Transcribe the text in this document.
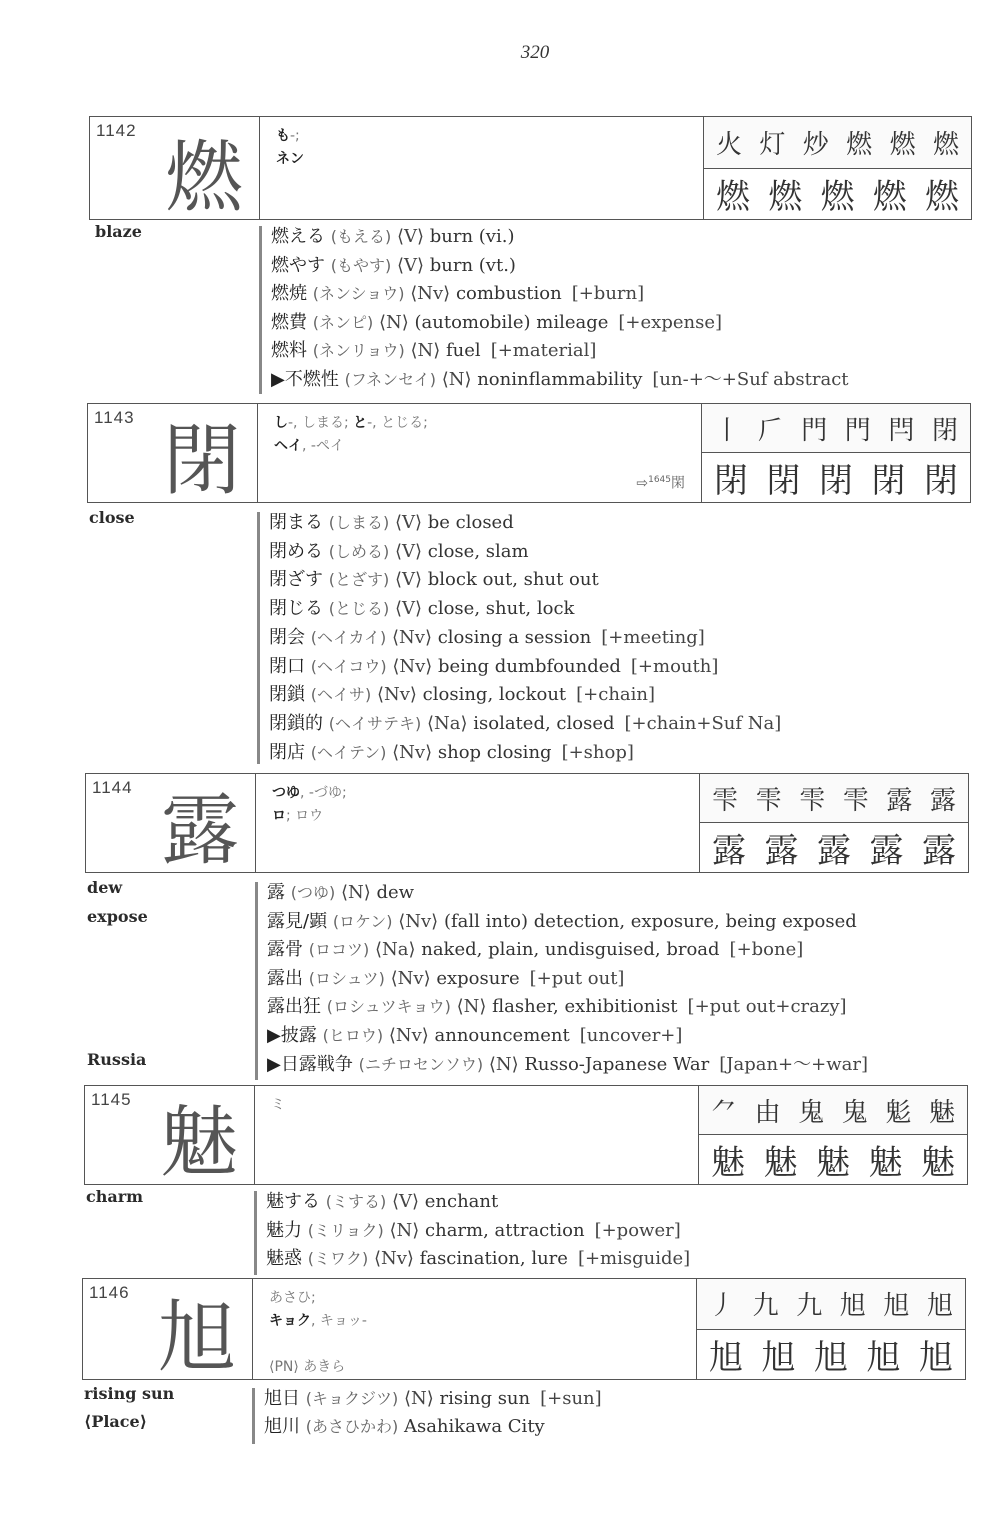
320
1142
燃 も-;
ネン	火 灯 炒 燃 燃 燃
燃 燃 燃 燃 燃
blaze	燃える (もえる) ⟨V⟩ burn (vi.)
燃やす (もやす) ⟨V⟩ burn (vt.)
燃焼 (ネンショウ) ⟨Nv⟩ combustion [+burn]
燃費 (ネンピ) ⟨N⟩ (automobile) mileage [+expense]
燃料 (ネンリョウ) ⟨N⟩ fuel [+material]
▶不燃性 (フネンセイ) ⟨N⟩ noninflammability [un-+～+Suf abstract
1143 閉 し-, しまる; と-, とじる;
ヘイ, -ペイ
⇨$^{1645}$閑
丨 𠂆 門 門 閂 閉
閉 閉 閉 閉 閉
close	閉まる (しまる) ⟨V⟩ be closed
閉める (しめる) ⟨V⟩ close, slam
閉ざす (とざす) ⟨V⟩ block out, shut out
閉じる (とじる) ⟨V⟩ close, shut, lock
閉会 (ヘイカイ) ⟨Nv⟩ closing a session [+meeting]
閉口 (ヘイコウ) ⟨Nv⟩ being dumbfounded [+mouth]
閉鎖 (ヘイサ) ⟨Nv⟩ closing, lockout [+chain]
閉鎖的 (ヘイサテキ) ⟨Na⟩ isolated, closed [+chain+Suf Na]
閉店 (ヘイテン) ⟨Nv⟩ shop closing [+shop]
1144 露 つゆ, -づゆ;
ロ; ロウ
雫 雫 雫 雫 露 露
露 露 露 露 露
dew
expose
Russia
露 (つゆ) ⟨N⟩ dew
露見/顕 (ロケン) ⟨Nv⟩ (fall into) detection, exposure, being exposed
露骨 (ロコツ) ⟨Na⟩ naked, plain, undisguised, broad [+bone]
露出 (ロシュツ) ⟨Nv⟩ exposure [+put out]
露出狂 (ロシュツキョウ) ⟨N⟩ flasher, exhibitionist [+put out+crazy]
▶披露 (ヒロウ) ⟨Nv⟩ announcement [uncover+]
▶日露戦争 (ニチロセンソウ) ⟨N⟩ Russo-Japanese War [Japan+～+war]
1145 魅 ミ	⺈ 由 鬼 鬼 鬽 魅
魅 魅 魅 魅 魅
charm	魅する (ミする) ⟨V⟩ enchant
魅力 (ミリョク) ⟨N⟩ charm, attraction [+power]
魅惑 (ミワク) ⟨Nv⟩ fascination, lure [+misguide]
1146
旭 あさひ;
キョク, キョッ-

⟨PN⟩ あきら
丿 九 九 旭 旭 旭
旭 旭 旭 旭 旭
rising sun
⟨Place⟩
旭日 (キョクジツ) ⟨N⟩ rising sun [+sun]
旭川 (あさひかわ) Asahikawa City
